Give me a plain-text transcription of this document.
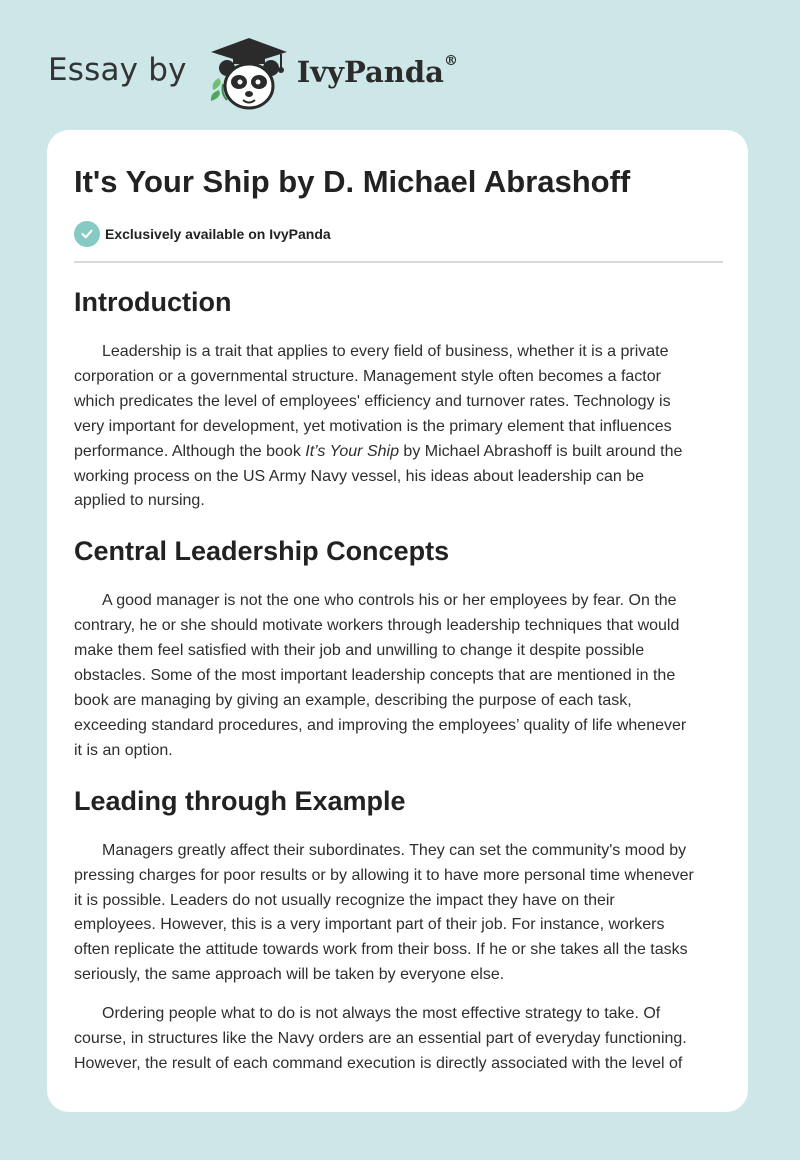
Essay by	IvyPanda®
It's Your Ship by D. Michael Abrashoff
Exclusively available on IvyPanda
Introduction

Leadership is a trait that applies to every field of business, whether it is a private
corporation or a governmental structure. Management style often becomes a factor
which predicates the level of employees' efficiency and turnover rates. Technology is
very important for development, yet motivation is the primary element that influences
performance. Although the book It’s Your Ship by Michael Abrashoff is built around the
working process on the US Army Navy vessel, his ideas about leadership can be
applied to nursing.

Central Leadership Concepts

A good manager is not the one who controls his or her employees by fear. On the
contrary, he or she should motivate workers through leadership techniques that would
make them feel satisfied with their job and unwilling to change it despite possible
obstacles. Some of the most important leadership concepts that are mentioned in the
book are managing by giving an example, describing the purpose of each task,
exceeding standard procedures, and improving the employees’ quality of life whenever
it is an option.

Leading through Example

Managers greatly affect their subordinates. They can set the community's mood by
pressing charges for poor results or by allowing it to have more personal time whenever
it is possible. Leaders do not usually recognize the impact they have on their
employees. However, this is a very important part of their job. For instance, workers
often replicate the attitude towards work from their boss. If he or she takes all the tasks
seriously, the same approach will be taken by everyone else.

Ordering people what to do is not always the most effective strategy to take. Of
course, in structures like the Navy orders are an essential part of everyday functioning.
However, the result of each command execution is directly associated with the level of
